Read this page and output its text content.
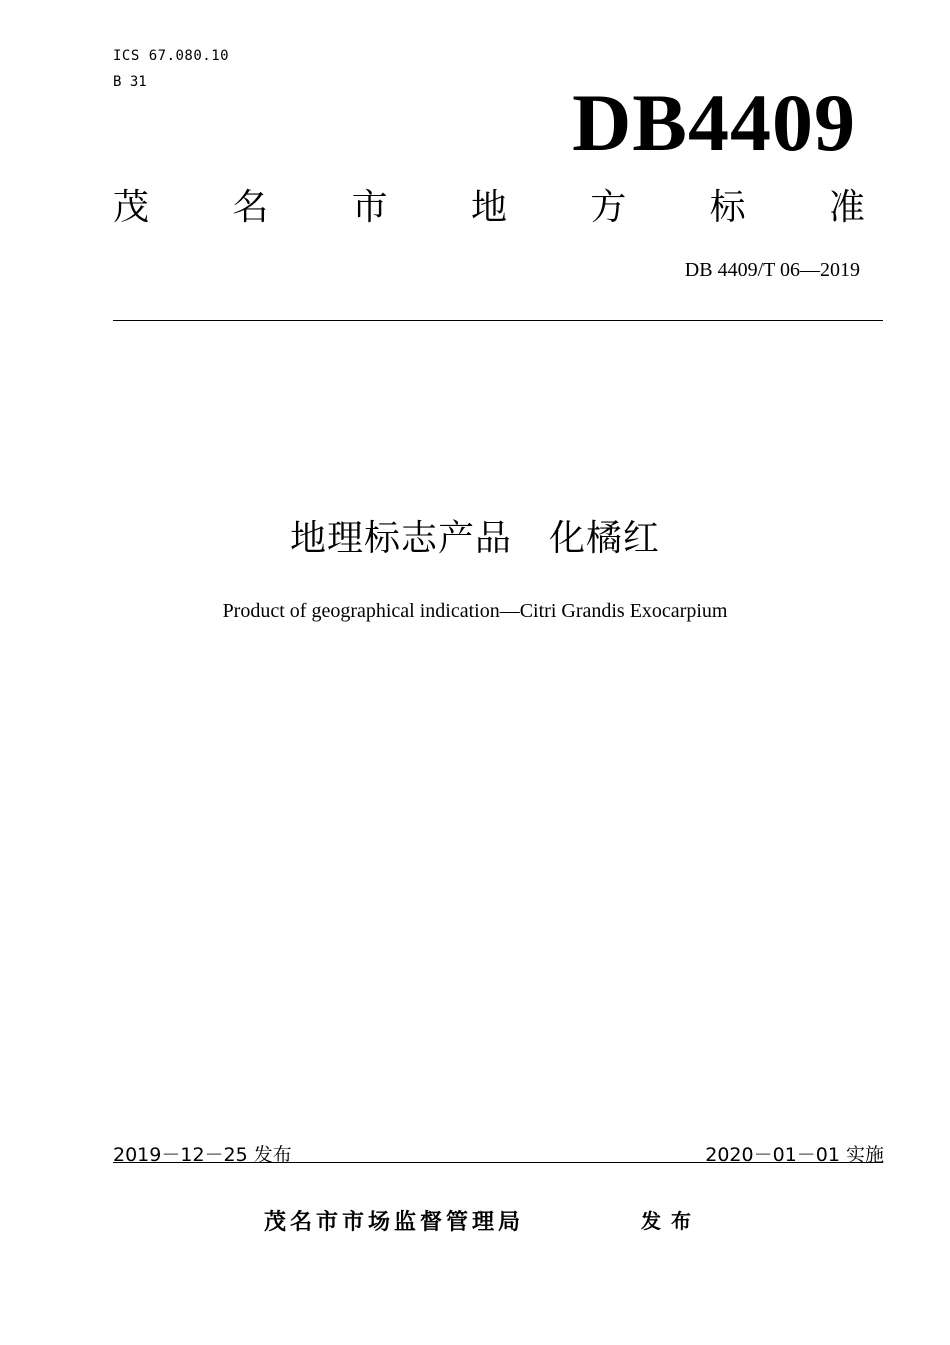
ICS 67.080.10
B 31	DB4409
茂 名 市 地 方 标 准
DB 4409/T 06—2019
地理标志产品　化橘红
Product of geographical indication—Citri Grandis Exocarpium
2019－12－25 发布	2020－01－01 实施
茂名市市场监督管理局	发布
